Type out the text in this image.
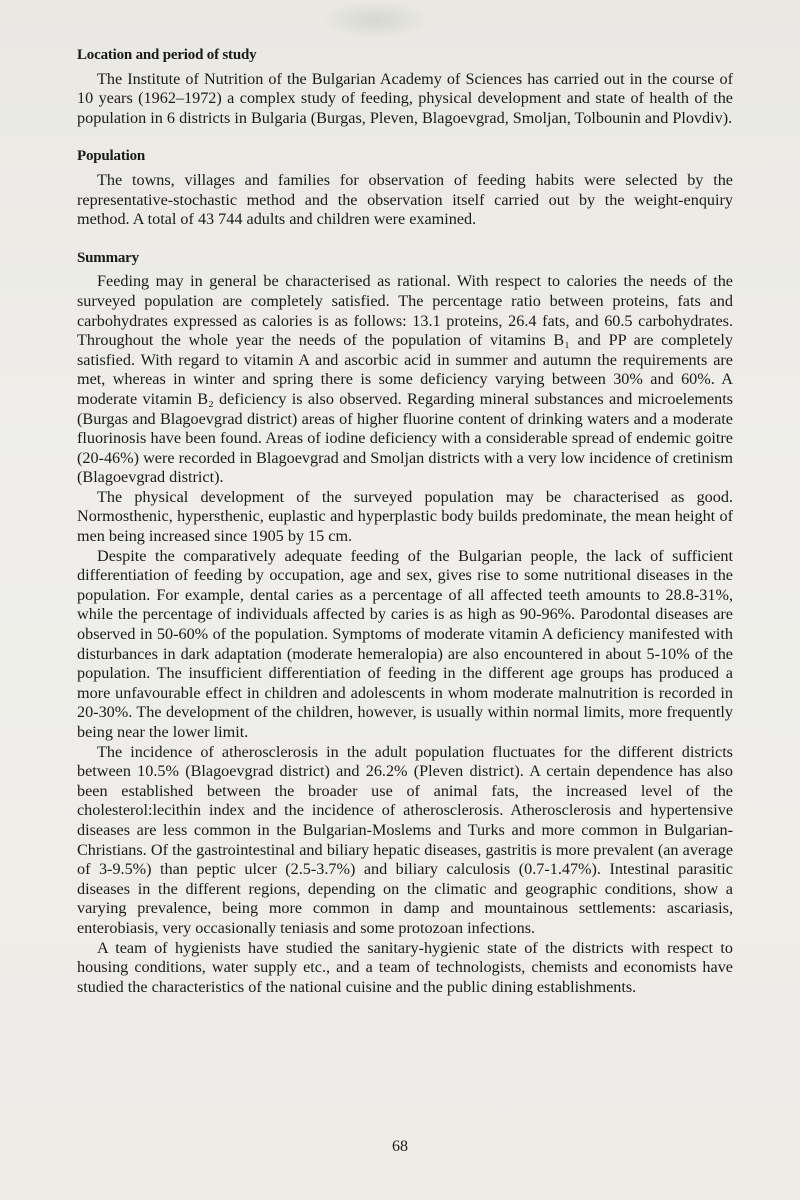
Location and period of study

The Institute of Nutrition of the Bulgarian Academy of Sciences has carried out in the course of 10 years (1962–1972) a complex study of feeding, physical development and state of health of the population in 6 districts in Bulgaria (Burgas, Pleven, Blagoevgrad, Smoljan, Tolbounin and Plovdiv).

Population

The towns, villages and families for observation of feeding habits were selected by the representative-stochastic method and the observation itself carried out by the weight-enquiry method. A total of 43 744 adults and children were examined.

Summary

Feeding may in general be characterised as rational. With respect to calories the needs of the surveyed population are completely satisfied. The percentage ratio between proteins, fats and carbohydrates expressed as calories is as follows: 13.1 proteins, 26.4 fats, and 60.5 carbohydrates. Throughout the whole year the needs of the population of vitamins B₁ and PP are completely satisfied. With regard to vitamin A and ascorbic acid in summer and autumn the requirements are met, whereas in winter and spring there is some deficiency varying between 30% and 60%. A moderate vitamin B₂ deficiency is also observed. Regarding mineral substances and microelements (Burgas and Blagoevgrad district) areas of higher fluorine content of drinking waters and a moderate fluorinosis have been found. Areas of iodine deficiency with a considerable spread of endemic goitre (20-46%) were recorded in Blagoevgrad and Smoljan districts with a very low incidence of cretinism (Blagoevgrad district).

The physical development of the surveyed population may be characterised as good. Normosthenic, hypersthenic, euplastic and hyperplastic body builds predominate, the mean height of men being increased since 1905 by 15 cm.

Despite the comparatively adequate feeding of the Bulgarian people, the lack of sufficient differentiation of feeding by occupation, age and sex, gives rise to some nutritional diseases in the population. For example, dental caries as a percentage of all affected teeth amounts to 28.8-31%, while the percentage of individuals affected by caries is as high as 90-96%. Parodontal diseases are observed in 50-60% of the population. Symptoms of moderate vitamin A deficiency manifested with disturbances in dark adaptation (moderate hemeralopia) are also encountered in about 5-10% of the population. The insufficient differentiation of feeding in the different age groups has produced a more unfavourable effect in children and adolescents in whom moderate malnutrition is recorded in 20-30%. The development of the children, however, is usually within normal limits, more frequently being near the lower limit.

The incidence of atherosclerosis in the adult population fluctuates for the different districts between 10.5% (Blagoevgrad district) and 26.2% (Pleven district). A certain dependence has also been established between the broader use of animal fats, the increased level of the cholesterol:lecithin index and the incidence of atherosclerosis. Atherosclerosis and hypertensive diseases are less common in the Bulgarian-Moslems and Turks and more common in Bulgarian-Christians. Of the gastrointestinal and biliary hepatic diseases, gastritis is more prevalent (an average of 3-9.5%) than peptic ulcer (2.5-3.7%) and biliary calculosis (0.7-1.47%). Intestinal parasitic diseases in the different regions, depending on the climatic and geographic conditions, show a varying prevalence, being more common in damp and mountainous settlements: ascariasis, enterobiasis, very occasionally teniasis and some protozoan infections.

A team of hygienists have studied the sanitary-hygienic state of the districts with respect to housing conditions, water supply etc., and a team of technologists, chemists and economists have studied the characteristics of the national cuisine and the public dining establishments.

68
